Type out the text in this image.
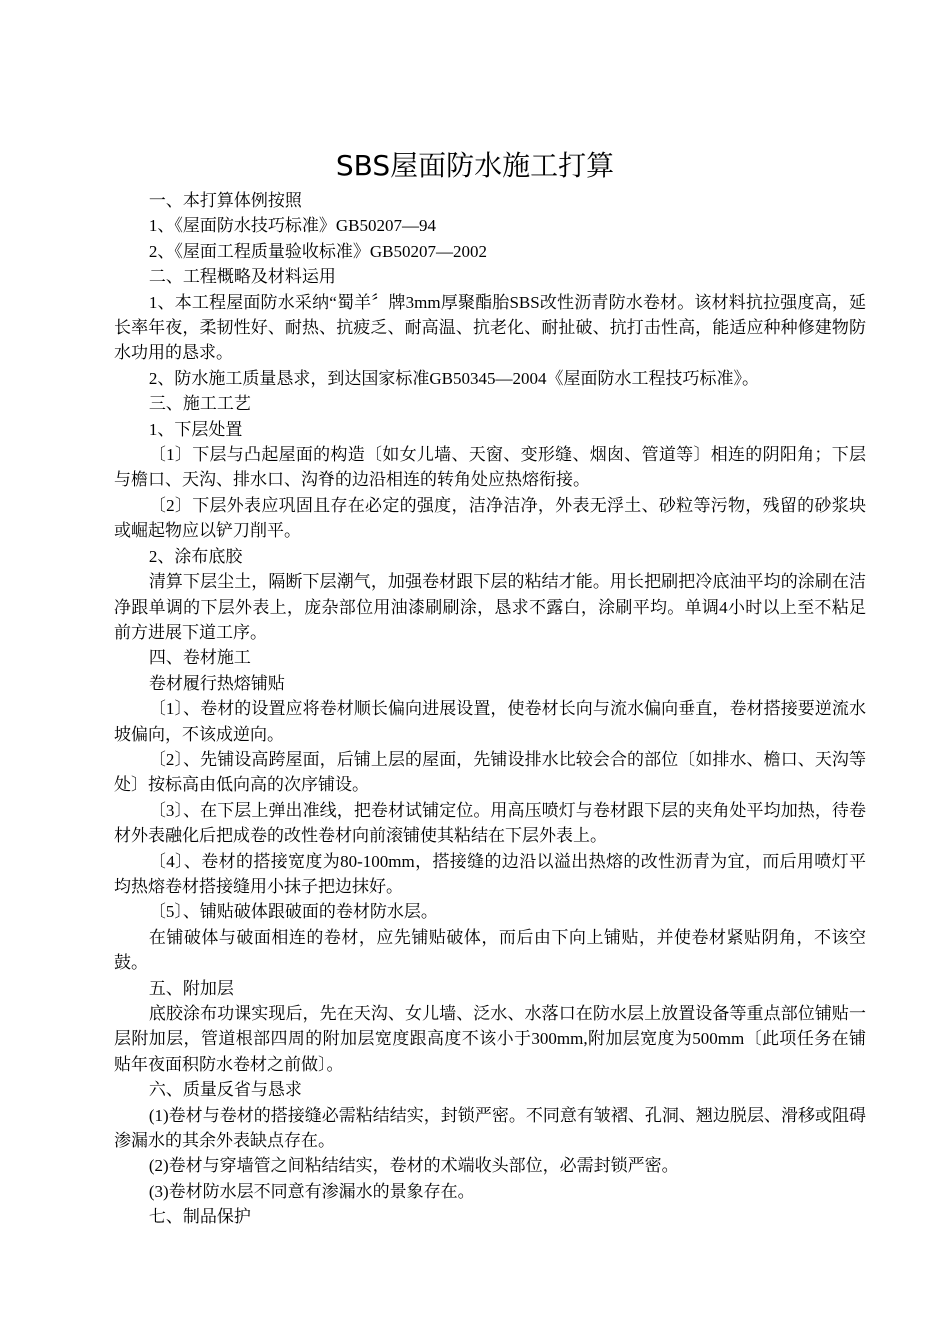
SBS屋面防水施工打算

一、本打算体例按照

1、《屋面防水技巧标准》GB50207—94

2、《屋面工程质量验收标准》GB50207—2002

二、工程概略及材料运用

1、本工程屋面防水采纳“蜀羊〞牌3mm厚聚酯胎SBS改性沥青防水卷材。该材料抗拉强度高，延长率年夜，柔韧性好、耐热、抗疲乏、耐高温、抗老化、耐扯破、抗打击性高，能适应种种修建物防水功用的恳求。

2、防水施工质量恳求，到达国家标准GB50345—2004《屋面防水工程技巧标准》。

三、施工工艺

1、下层处置

〔1〕下层与凸起屋面的构造〔如女儿墙、天窗、变形缝、烟囱、管道等〕相连的阴阳角；下层与檐口、天沟、排水口、沟脊的边沿相连的转角处应热熔衔接。

〔2〕下层外表应巩固且存在必定的强度，洁净洁净，外表无浮土、砂粒等污物，残留的砂浆块或崛起物应以铲刀削平。

2、涂布底胶

清算下层尘土，隔断下层潮气，加强卷材跟下层的粘结才能。用长把刷把冷底油平均的涂刷在洁净跟单调的下层外表上，庞杂部位用油漆刷刷涂，恳求不露白，涂刷平均。单调4小时以上至不粘足前方进展下道工序。

四、卷材施工

卷材履行热熔铺贴

〔1〕、卷材的设置应将卷材顺长偏向进展设置，使卷材长向与流水偏向垂直，卷材搭接要逆流水坡偏向，不该成逆向。

〔2〕、先铺设高跨屋面，后铺上层的屋面，先铺设排水比较会合的部位〔如排水、檐口、天沟等处〕按标高由低向高的次序铺设。

〔3〕、在下层上弹出准线，把卷材试铺定位。用高压喷灯与卷材跟下层的夹角处平均加热，待卷材外表融化后把成卷的改性卷材向前滚铺使其粘结在下层外表上。

〔4〕、卷材的搭接宽度为80-100mm，搭接缝的边沿以溢出热熔的改性沥青为宜，而后用喷灯平均热熔卷材搭接缝用小抹子把边抹好。

〔5〕、铺贴破体跟破面的卷材防水层。

在铺破体与破面相连的卷材，应先铺贴破体，而后由下向上铺贴，并使卷材紧贴阴角，不该空鼓。

五、附加层

底胶涂布功课实现后，先在天沟、女儿墙、泛水、水落口在防水层上放置设备等重点部位铺贴一层附加层，管道根部四周的附加层宽度跟高度不该小于300mm,附加层宽度为500mm〔此项任务在铺贴年夜面积防水卷材之前做〕。

六、质量反省与恳求

(1)卷材与卷材的搭接缝必需粘结结实，封锁严密。不同意有皱褶、孔洞、翘边脱层、滑移或阻碍渗漏水的其余外表缺点存在。

(2)卷材与穿墙管之间粘结结实，卷材的术端收头部位，必需封锁严密。

(3)卷材防水层不同意有渗漏水的景象存在。

七、制品保护
